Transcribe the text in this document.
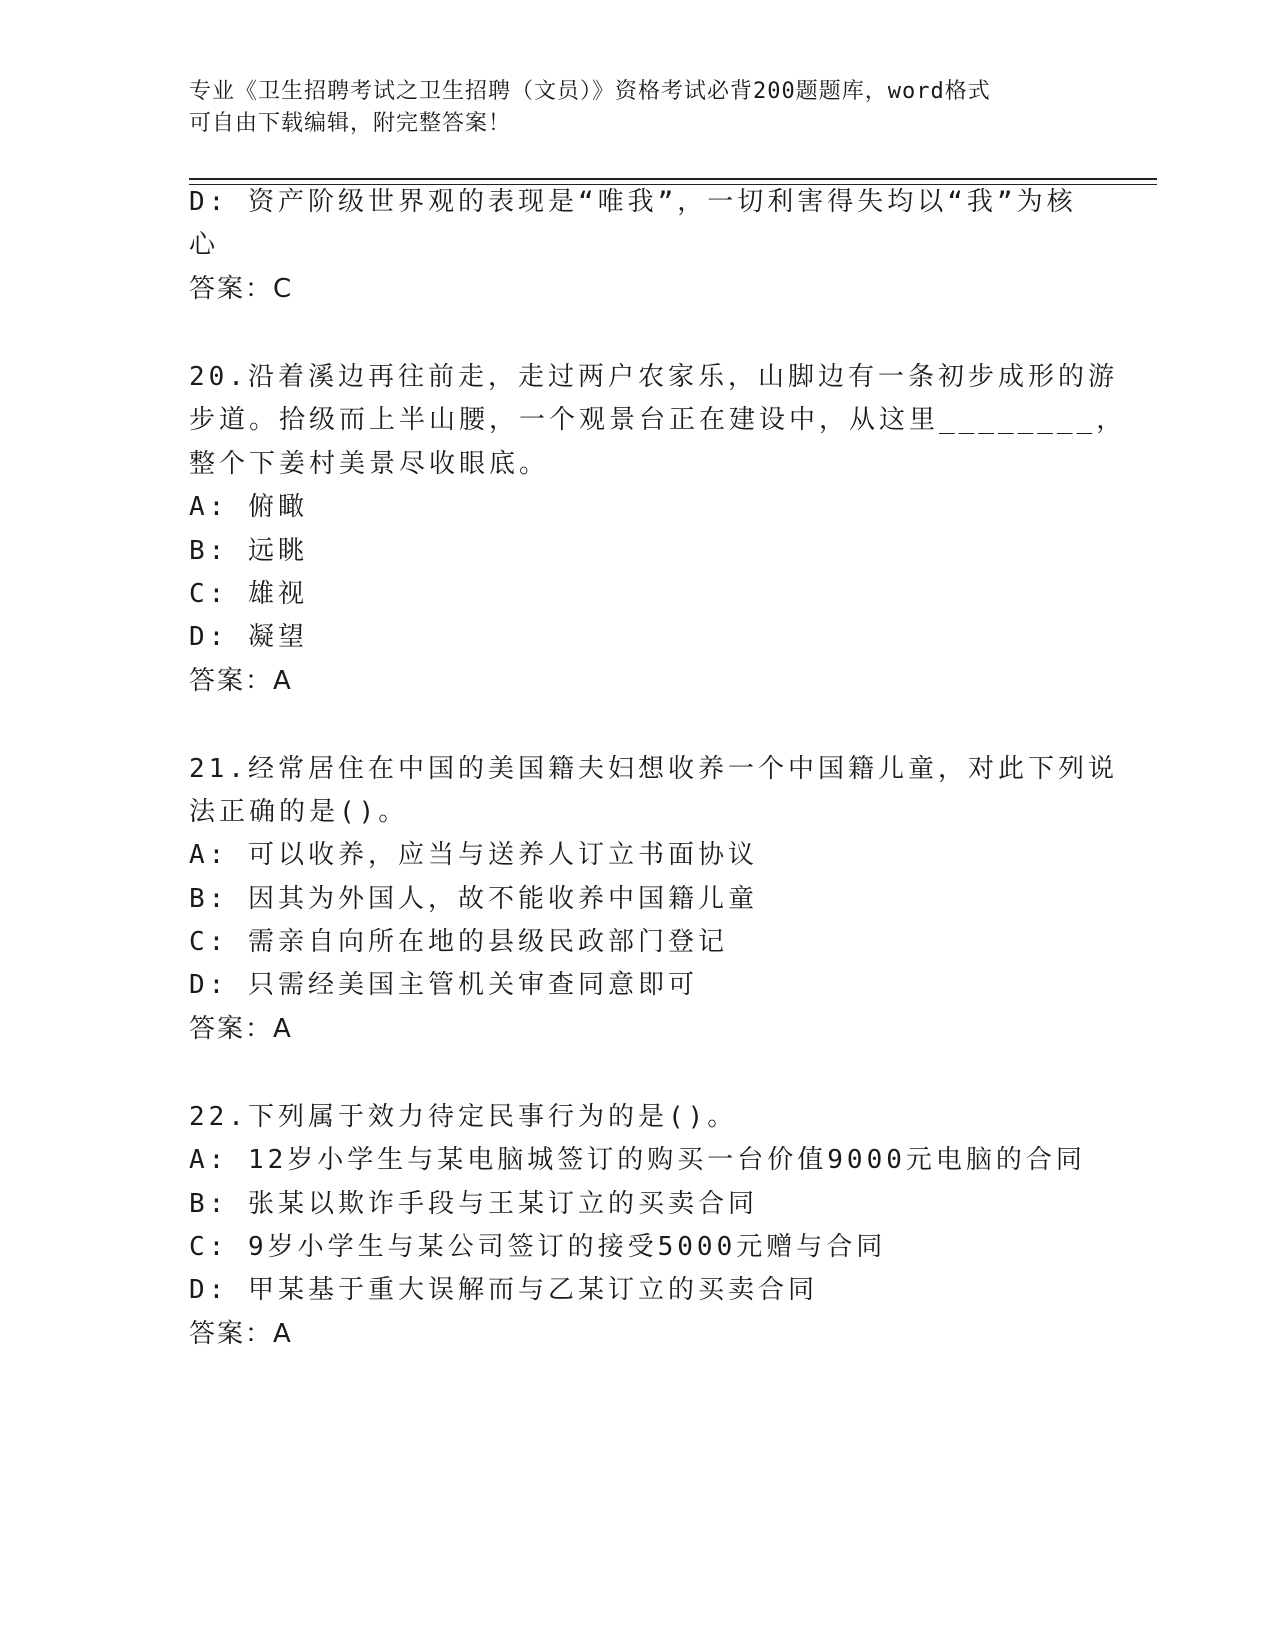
专业《卫生招聘考试之卫生招聘（文员）》资格考试必背200题题库，word格式
可自由下载编辑，附完整答案！
D: 资产阶级世界观的表现是“唯我”，一切利害得失均以“我”为核
心
答案：C
20.沿着溪边再往前走，走过两户农家乐，山脚边有一条初步成形的游
步道。拾级而上半山腰，一个观景台正在建设中，从这里________，
整个下姜村美景尽收眼底。
A: 俯瞰
B: 远眺
C: 雄视
D: 凝望
答案：A
21.经常居住在中国的美国籍夫妇想收养一个中国籍儿童，对此下列说
法正确的是()。
A: 可以收养，应当与送养人订立书面协议
B: 因其为外国人，故不能收养中国籍儿童
C: 需亲自向所在地的县级民政部门登记
D: 只需经美国主管机关审查同意即可
答案：A
22.下列属于效力待定民事行为的是()。
A: 12岁小学生与某电脑城签订的购买一台价值9000元电脑的合同
B: 张某以欺诈手段与王某订立的买卖合同
C: 9岁小学生与某公司签订的接受5000元赠与合同
D: 甲某基于重大误解而与乙某订立的买卖合同
答案：A
